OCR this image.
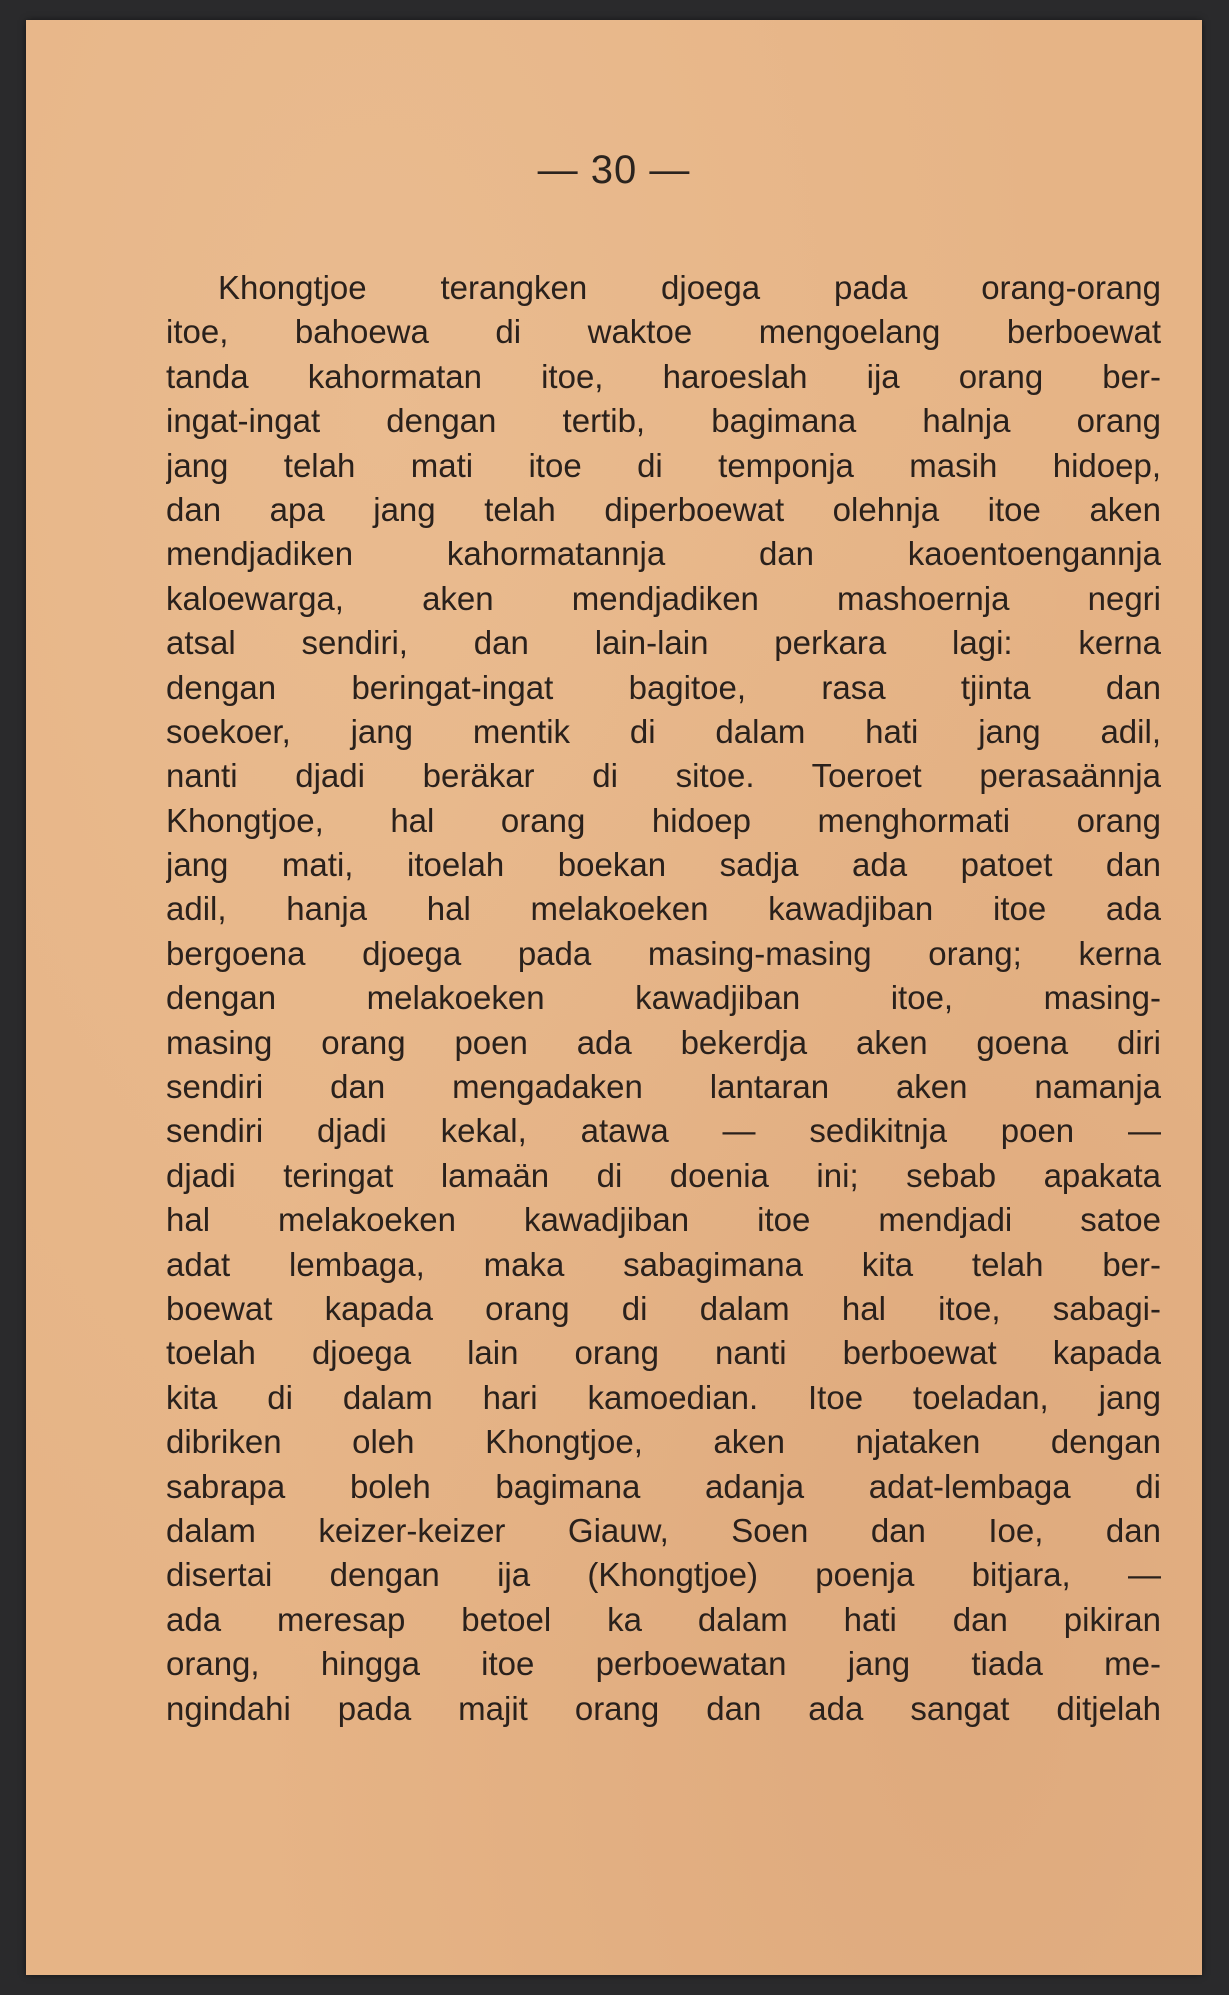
— 30 —
Khongtjoe terangken djoega pada orang-orang
itoe, bahoewa di waktoe mengoelang berboewat
tanda kahormatan itoe, haroeslah ija orang ber-
ingat-ingat dengan tertib, bagimana halnja orang
jang telah mati itoe di temponja masih hidoep,
dan apa jang telah diperboewat olehnja itoe aken
mendjadiken kahormatannja dan kaoentoengannja
kaloewarga, aken mendjadiken mashoernja negri
atsal sendiri, dan lain-lain perkara lagi: kerna
dengan beringat-ingat bagitoe, rasa tjinta dan
soekoer, jang mentik di dalam hati jang adil,
nanti djadi beräkar di sitoe. Toeroet perasaännja
Khongtjoe, hal orang hidoep menghormati orang
jang mati, itoelah boekan sadja ada patoet dan
adil, hanja hal melakoeken kawadjiban itoe ada
bergoena djoega pada masing-masing orang; kerna
dengan melakoeken kawadjiban itoe, masing-
masing orang poen ada bekerdja aken goena diri
sendiri dan mengadaken lantaran aken namanja
sendiri djadi kekal, atawa — sedikitnja poen —
djadi teringat lamaän di doenia ini; sebab apakata
hal melakoeken kawadjiban itoe mendjadi satoe
adat lembaga, maka sabagimana kita telah ber-
boewat kapada orang di dalam hal itoe, sabagi-
toelah djoega lain orang nanti berboewat kapada
kita di dalam hari kamoedian. Itoe toeladan, jang
dibriken oleh Khongtjoe, aken njataken dengan
sabrapa boleh bagimana adanja adat-lembaga di
dalam keizer-keizer Giauw, Soen dan Ioe, dan
disertai dengan ija (Khongtjoe) poenja bitjara, —
ada meresap betoel ka dalam hati dan pikiran
orang, hingga itoe perboewatan jang tiada me-
ngindahi pada majit orang dan ada sangat ditjelah
